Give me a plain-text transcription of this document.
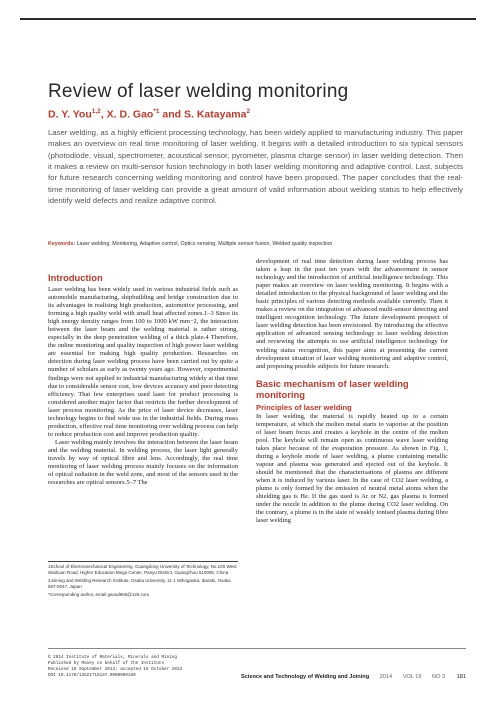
Review of laser welding monitoring
D. Y. You$^{1,2}$, X. D. Gao$^{*1}$ and S. Katayama$^2$
Laser welding, as a highly efficient processing technology, has been widely applied to manufacturing industry. This paper makes an overview on real time monitoring of laser welding. It begins with a detailed introduction to six typical sensors (photodiode, visual, spectrometer, acoustical sensor, pyrometer, plasma charge sensor) in laser welding detection. Then it makes a review on multi-sensor fusion technology in both laser welding monitoring and adaptive control. Last, subjects for future research concerning welding monitoring and control have been proposed. The paper concludes that the real-time monitoring of laser welding can provide a great amount of valid information about welding status to help effectively identify weld defects and realize adaptive control.
Keywords: Laser welding, Monitoring, Adaptive control, Optics sensing, Multiple sensor fusion, Welded quality inspection
Introduction

Laser welding has been widely used in various industrial fields such as automobile manufacturing, shipbuilding and bridge construction due to its advantages in realising high production, automotive processing, and forming a high quality weld with small heat affected zones.1–3 Since its high energy density ranges from 100 to 1000 kW mm−2, the interaction between the laser beam and the welding material is rather strong, especially in the deep penetration welding of a thick plate.4 Therefore, the online monitoring and quality inspection of high power laser welding are essential for making high quality production. Researches on detection during laser welding process have been carried out by quite a number of scholars as early as twenty years ago. However, experimental findings were not applied to industrial manufacturing widely at that time due to considerable sensor cost, low devices accuracy and poor detecting efficiency. That few enterprises used laser for product processing is considered another major factor that restricts the further development of laser process monitoring. As the price of laser device decreases, laser technology begins to find wide use in the industrial fields. During mass production, effective real time monitoring over welding process can help to reduce production cost and improve production quality.

Laser welding mainly involves the interaction between the laser beam and the welding material. In welding process, the laser light generally travels by way of optical fibre and lens. Accordingly, the real time monitoring of laser welding process mainly focuses on the information of optical radiation in the weld zone, and most of the sensors used in the researches are optical sensors.5–7 The

1School of Electromechanical Engineering, Guangdong University of Technology, No.100 West Waihuan Road, Higher Education Mega Center, Panyu District, Guangzhou 510006, China

2Joining and Welding Research Institute, Osaka University, 11-1 Mihogaoka, Ibaraki, Osaka 567-0047, Japan

*Corresponding author, email gaoxd666@126.com

development of real time detection during laser welding process has taken a leap in the past ten years with the advancement in sensor technology and the introduction of artificial intelligence technology. This paper makes an overview on laser welding monitoring. It begins with a detailed introduction to the physical background of laser welding and the basic principles of various detecting methods available currently. Then it makes a review on the integration of advanced multi-sensor detecting and intelligent recognition technology. The future development prospect of laser welding detection has been envisioned. By introducing the effective application of advanced sensing technology to laser welding detection and reviewing the attempts to use artificial intelligence technology for welding status recognition, this paper aims at presenting the current development situation of laser welding monitoring and adaptive control, and proposing possible subjects for future research.

Basic mechanism of laser welding monitoring
Principles of laser welding

In laser welding, the material is rapidly heated up to a certain temperature, at which the molten metal starts to vaporise at the position of laser beam focus and creates a keyhole in the centre of the molten pool. The keyhole will remain open as continuous wave laser welding takes place because of the evaporation pressure. As shown in Fig. 1, during a keyhole mode of laser welding, a plume containing metallic vapour and plasma was generated and ejected out of the keyhole. It should be mentioned that the characterisations of plasma are different when it is induced by various laser. In the case of CO2 laser welding, a plume is only formed by the emission of neutral metal atoms when the shielding gas is He. If the gas used is Ar or N2, gas plasma is formed under the nozzle in addition to the plume during CO2 laser welding. On the contrary, a plume is in the state of weakly ionised plasma during fibre laser welding

© 2014 Institute of Materials, Minerals and Mining

Published by Maney on behalf of the Institute

Received 10 September 2013; accepted 16 October 2013

DOI 10.1179/1362171813Y.0000000180	Science and Technology of Welding and Joining 2014 VOL 19 NO 3 181
